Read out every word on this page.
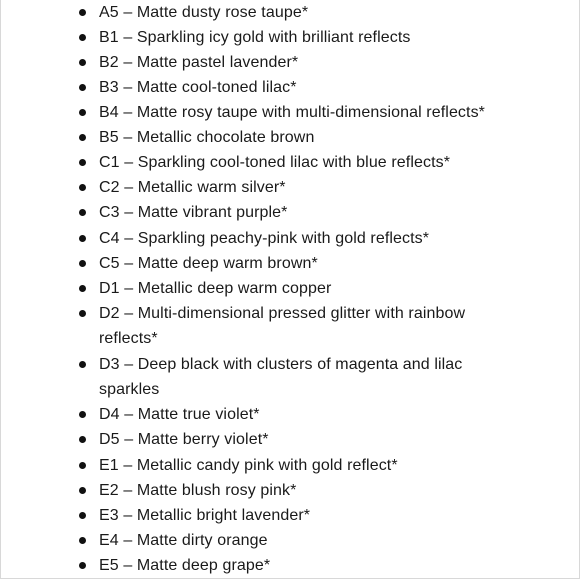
A5 – Matte dusty rose taupe*
B1 – Sparkling icy gold with brilliant reflects
B2 – Matte pastel lavender*
B3 – Matte cool-toned lilac*
B4 – Matte rosy taupe with multi-dimensional reflects*
B5 – Metallic chocolate brown
C1 – Sparkling cool-toned lilac with blue reflects*
C2 – Metallic warm silver*
C3 – Matte vibrant purple*
C4 – Sparkling peachy-pink with gold reflects*
C5 – Matte deep warm brown*
D1 – Metallic deep warm copper
D2 – Multi-dimensional pressed glitter with rainbow reflects*
D3 – Deep black with clusters of magenta and lilac sparkles
D4 – Matte true violet*
D5 – Matte berry violet*
E1 – Metallic candy pink with gold reflect*
E2 – Matte blush rosy pink*
E3 – Metallic bright lavender*
E4 – Matte dirty orange
E5 – Matte deep grape*
